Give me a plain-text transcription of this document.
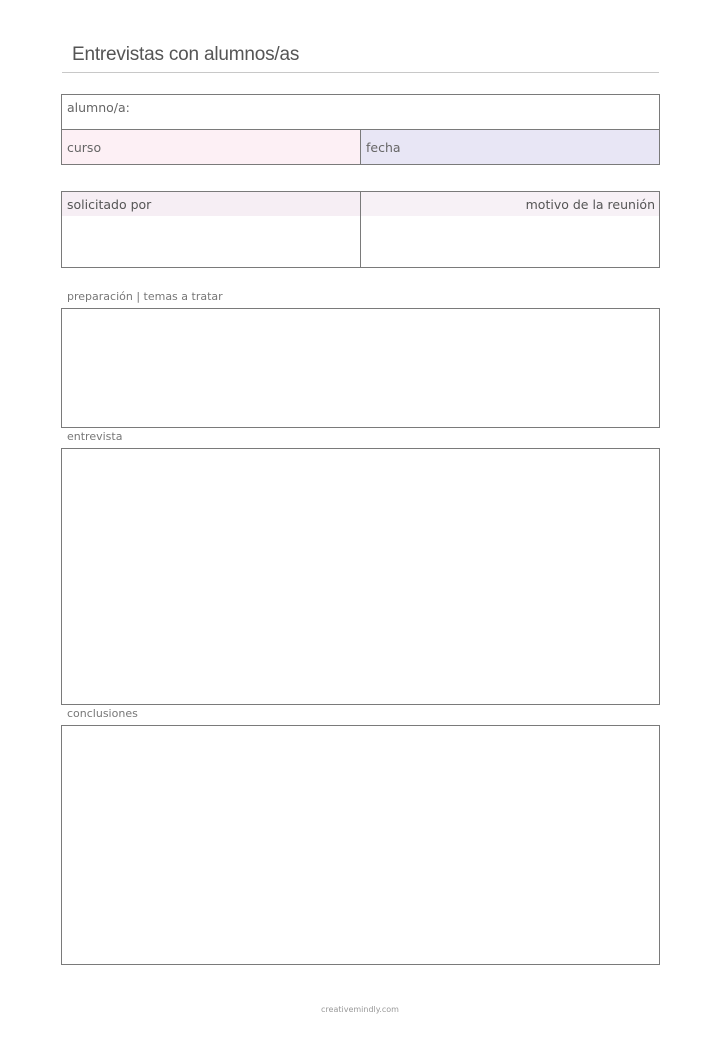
Entrevistas con alumnos/as
alumno/a:
curso	fecha
solicitado por	motivo de la reunión
preparación | temas a tratar
entrevista
conclusiones
creativemindly.com
